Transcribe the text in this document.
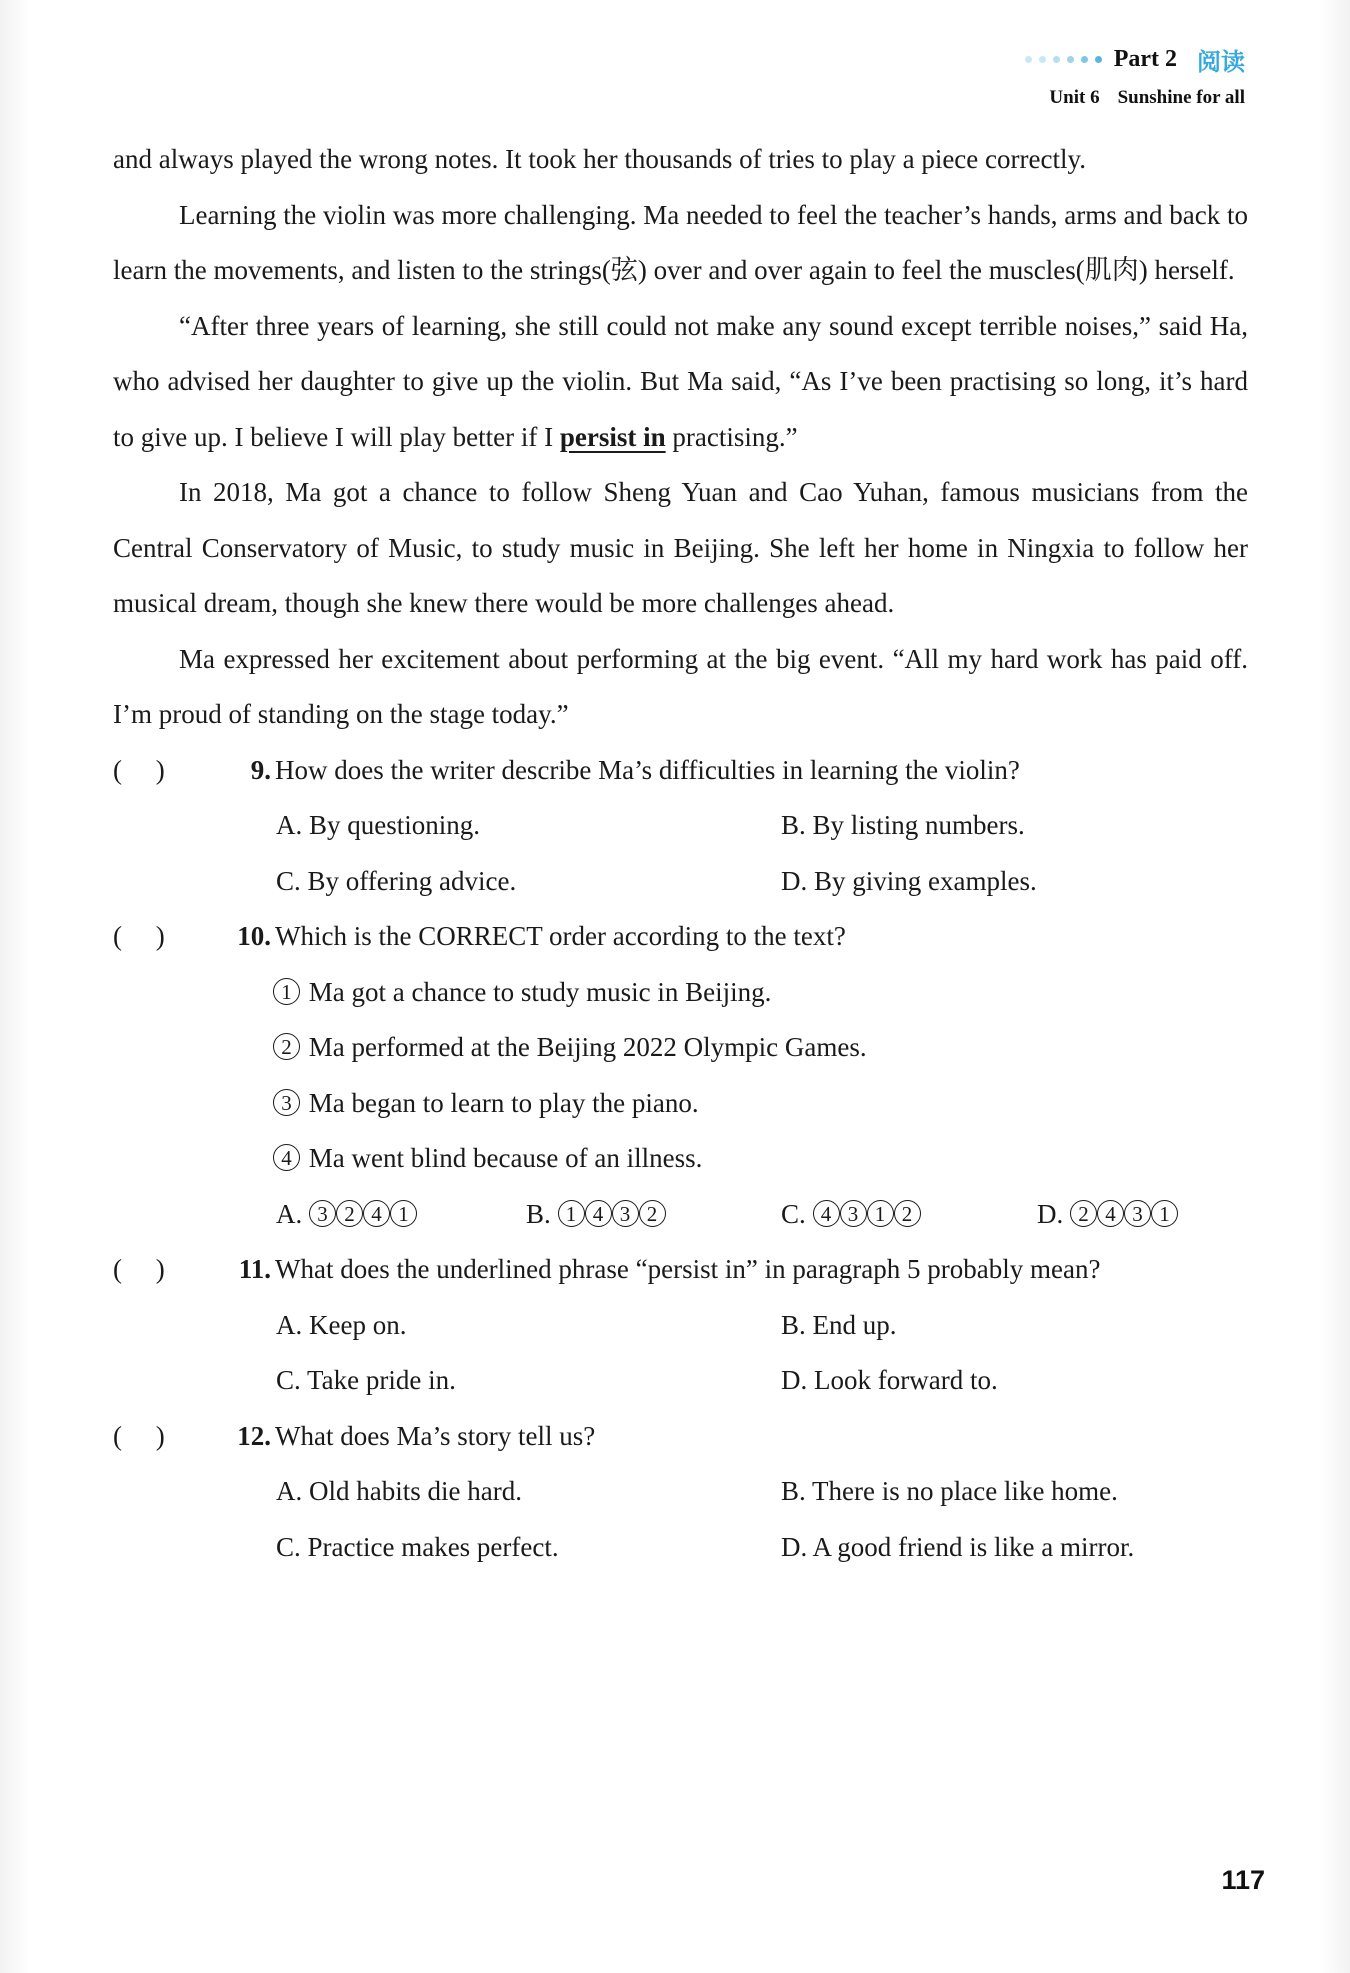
Part 2 阅读
Unit 6 Sunshine for all

and always played the wrong notes. It took her thousands of tries to play a piece correctly.

Learning the violin was more challenging. Ma needed to feel the teacher’s hands, arms and back to learn the movements, and listen to the strings(弦) over and over again to feel the muscles(肌肉) herself.

“After three years of learning, she still could not make any sound except terrible noises,” said Ha, who advised her daughter to give up the violin. But Ma said, “As I’ve been practising so long, it’s hard to give up. I believe I will play better if I persist in practising.”

In 2018, Ma got a chance to follow Sheng Yuan and Cao Yuhan, famous musicians from the Central Conservatory of Music, to study music in Beijing. She left her home in Ningxia to follow her musical dream, though she knew there would be more challenges ahead.

Ma expressed her excitement about performing at the big event. “All my hard work has paid off. I’m proud of standing on the stage today.”

(     )	9. How does the writer describe Ma’s difficulties in learning the violin?
A. By questioning.	B. By listing numbers.
C. By offering advice.	D. By giving examples.
(     )	10. Which is the CORRECT order according to the text?
1 Ma got a chance to study music in Beijing.
2 Ma performed at the Beijing 2022 Olympic Games.
3 Ma began to learn to play the piano.
4 Ma went blind because of an illness.
A. 3 2 4 1	B. 1 4 3 2	C. 4 3 1 2	D. 2 4 3 1
(     )	11. What does the underlined phrase “persist in” in paragraph 5 probably mean?
A. Keep on.	B. End up.
C. Take pride in.	D. Look forward to.
(     )	12. What does Ma’s story tell us?
A. Old habits die hard.	B. There is no place like home.
C. Practice makes perfect.	D. A good friend is like a mirror.
117
